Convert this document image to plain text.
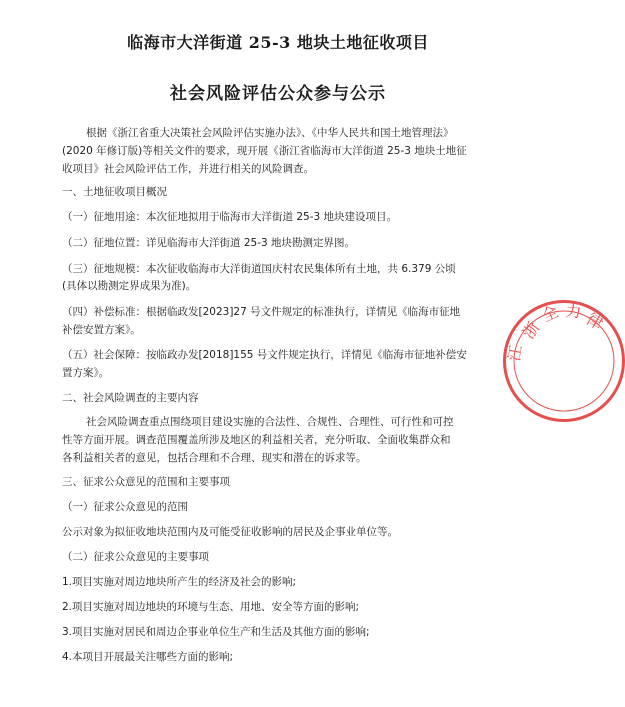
临海市大洋街道 25-3 地块土地征收项目
社会风险评估公众参与公示
根据《浙江省重大决策社会风险评估实施办法》、《中华人民共和国土地管理法》
(2020 年修订版)等相关文件的要求，现开展《浙江省临海市大洋街道 25-3 地块土地征
收项目》社会风险评估工作，并进行相关的风险调查。
一、土地征收项目概况
（一）征地用途：本次征地拟用于临海市大洋街道 25-3 地块建设项目。
（二）征地位置：详见临海市大洋街道 25-3 地块勘测定界图。
（三）征地规模：本次征收临海市大洋街道国庆村农民集体所有土地，共 6.379 公顷
(具体以勘测定界成果为准)。
（四）补偿标准：根据临政发[2023]27 号文件规定的标准执行，详情见《临海市征地
补偿安置方案》。
（五）社会保障：按临政办发[2018]155 号文件规定执行，详情见《临海市征地补偿安
置方案》。
二、社会风险调查的主要内容
社会风险调查重点围绕项目建设实施的合法性、合规性、合理性、可行性和可控
性等方面开展。调查范围覆盖所涉及地区的利益相关者，充分听取、全面收集群众和
各利益相关者的意见，包括合理和不合理、现实和潜在的诉求等。
三、征求公众意见的范围和主要事项
（一）征求公众意见的范围
公示对象为拟征收地块范围内及可能受征收影响的居民及企事业单位等。
（二）征求公众意见的主要事项
1.项目实施对周边地块所产生的经济及社会的影响;
2.项目实施对周边地块的环境与生态、用地、安全等方面的影响;
3.项目实施对居民和周边企事业单位生产和生活及其他方面的影响;
4.本项目开展最关注哪些方面的影响;
浙
江
全 力 律
